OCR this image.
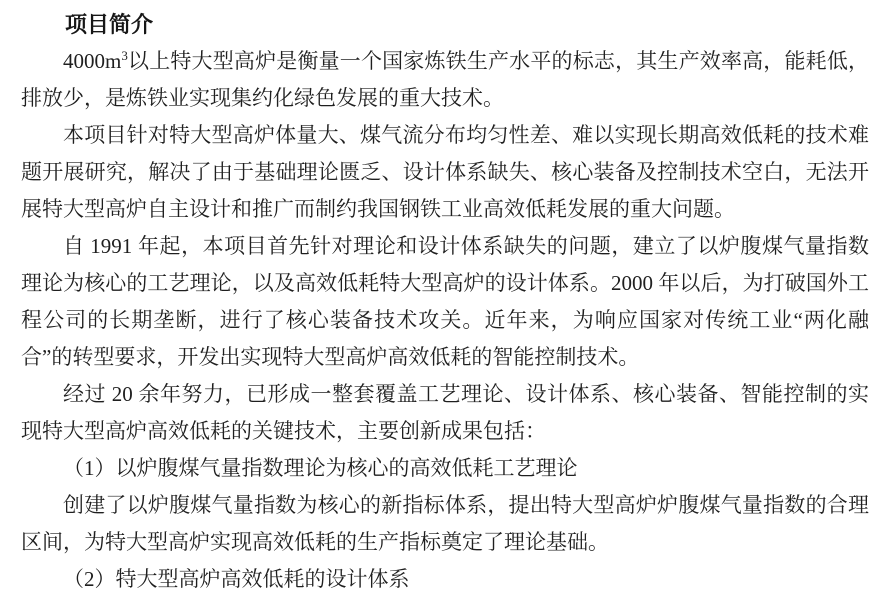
项目简介

$4000m^3$以上特大型高炉是衡量一个国家炼铁生产水平的标志，其生产效率高，能耗低，排放少，是炼铁业实现集约化绿色发展的重大技术。

本项目针对特大型高炉体量大、煤气流分布均匀性差、难以实现长期高效低耗的技术难题开展研究，解决了由于基础理论匮乏、设计体系缺失、核心装备及控制技术空白，无法开展特大型高炉自主设计和推广而制约我国钢铁工业高效低耗发展的重大问题。

自 1991 年起，本项目首先针对理论和设计体系缺失的问题，建立了以炉腹煤气量指数理论为核心的工艺理论，以及高效低耗特大型高炉的设计体系。2000 年以后，为打破国外工程公司的长期垄断，进行了核心装备技术攻关。近年来，为响应国家对传统工业“两化融合”的转型要求，开发出实现特大型高炉高效低耗的智能控制技术。

经过 20 余年努力，已形成一整套覆盖工艺理论、设计体系、核心装备、智能控制的实现特大型高炉高效低耗的关键技术，主要创新成果包括：

（1）以炉腹煤气量指数理论为核心的高效低耗工艺理论

创建了以炉腹煤气量指数为核心的新指标体系，提出特大型高炉炉腹煤气量指数的合理区间，为特大型高炉实现高效低耗的生产指标奠定了理论基础。

（2）特大型高炉高效低耗的设计体系
